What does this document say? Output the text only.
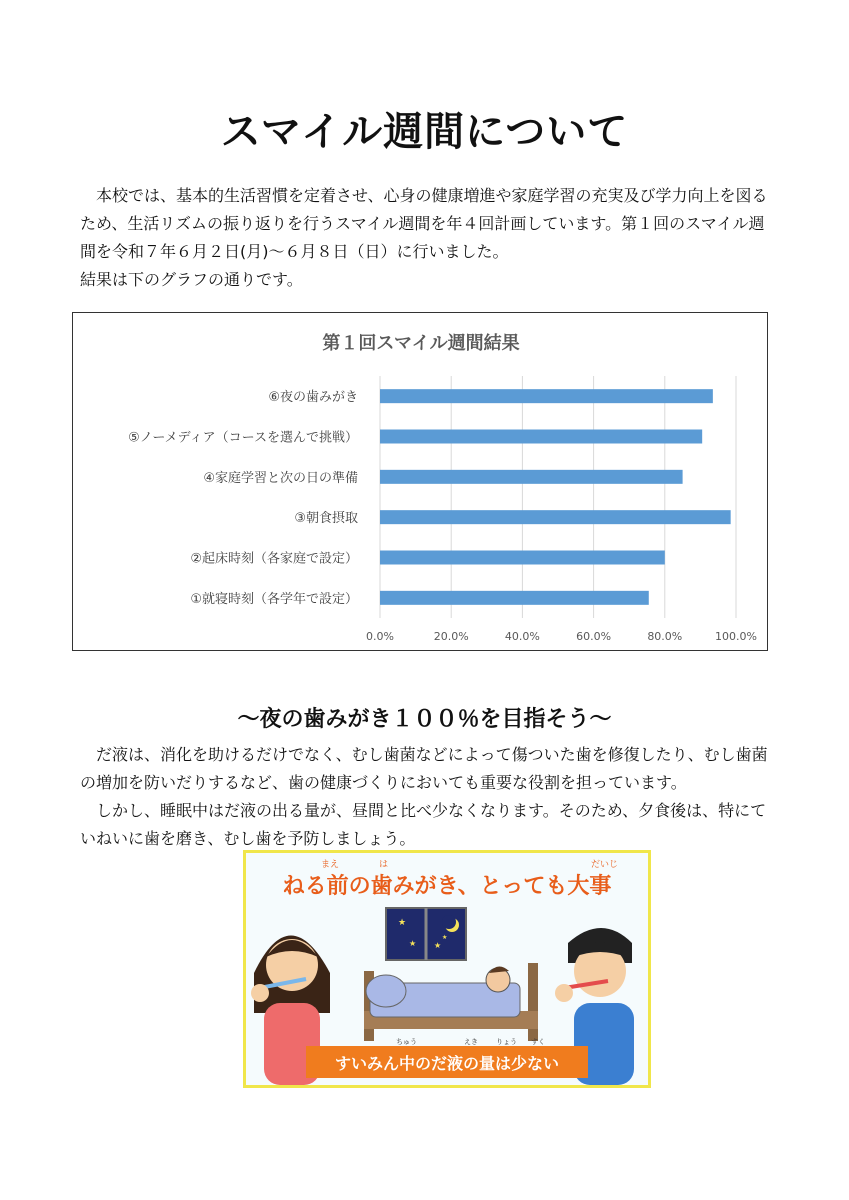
スマイル週間について

本校では、基本的生活習慣を定着させ、心身の健康増進や家庭学習の充実及び学力向上を図るため、生活リズムの振り返りを行うスマイル週間を年４回計画しています。第１回のスマイル週間を令和７年６月２日(月)～６月８日（日）に行いました。

結果は下のグラフの通りです。

第１回スマイル週間結果
0.0%	20.0%	40.0%	60.0%	80.0%	100.0%
⑥夜の歯みがき
⑤ノーメディア（コースを選んで挑戦）
④家庭学習と次の日の準備
③朝食摂取
②起床時刻（各家庭で設定）
①就寝時刻（各学年で設定）
～夜の歯みがき１００％を目指そう～

だ液は、消化を助けるだけでなく、むし歯菌などによって傷ついた歯を修復したり、むし歯菌の増加を防いだりするなど、歯の健康づくりにおいても重要な役割を担っています。

しかし、睡眠中はだ液の出る量が、昼間と比べ少なくなります。そのため、夕食後は、特にていねいに歯を磨き、むし歯を予防しましょう。

まえ	は	だいじ
ねる前の歯みがき、とっても大事
★
★ ★
★
ちゅう	えき	りょう すく
すいみん中のだ液の量は少ない
